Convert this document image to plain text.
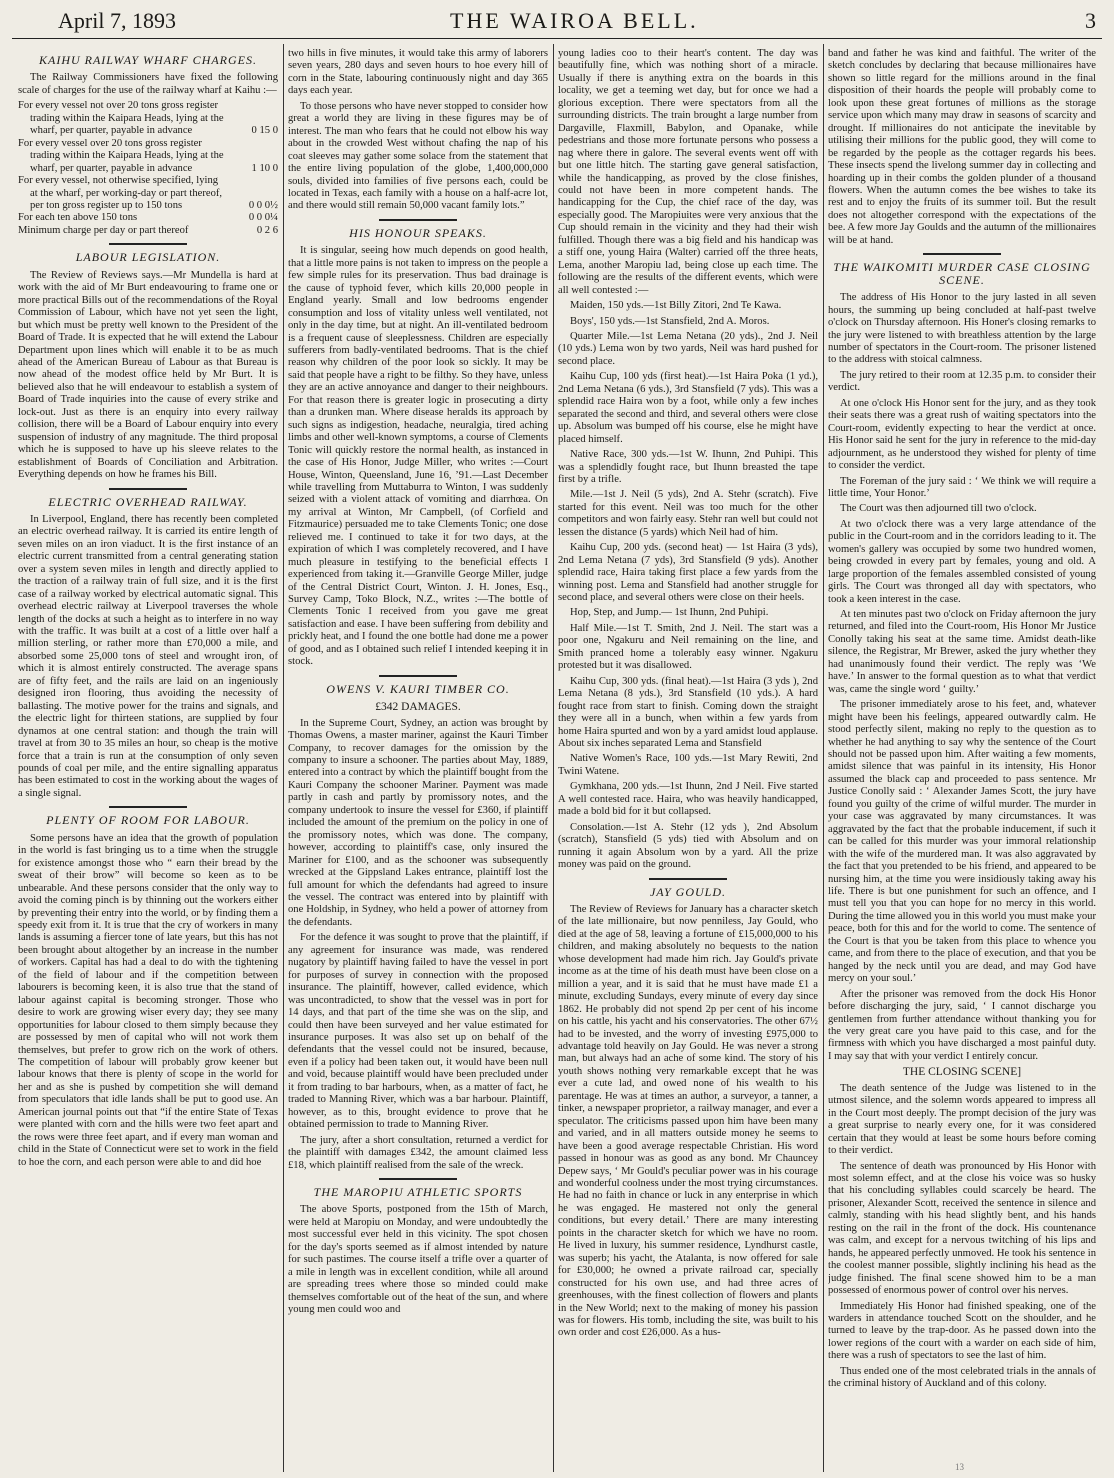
April 7, 1893	THE WAIROA BELL.	3
KAIHU RAILWAY WHARF CHARGES.

The Railway Commissioners have fixed the following scale of charges for the use of the railway wharf at Kaihu :—

For every vessel not over 20 tons gross register trading within the Kaipara Heads, lying at the wharf, per quarter, payable in advance	0 15 0
For every vessel over 20 tons gross register trading within the Kaipara Heads, lying at the wharf, per quarter, payable in advance	1 10 0
For every vessel, not otherwise specified, lying at the wharf, per working-day or part thereof, per ton gross register up to 150 tons	0 0 0½
For each ten above 150 tons	0 0 0¼
Minimum charge per day or part thereof	0 2 6
LABOUR LEGISLATION.

The Review of Reviews says.—Mr Mundella is hard at work with the aid of Mr Burt endeavouring to frame one or more practical Bills out of the recommendations of the Royal Commission of Labour, which have not yet seen the light, but which must be pretty well known to the President of the Board of Trade. It is expected that he will extend the Labour Department upon lines which will enable it to be as much ahead of the American Bureau of Labour as that Bureau is now ahead of the modest office held by Mr Burt. It is believed also that he will endeavour to establish a system of Board of Trade inquiries into the cause of every strike and lock-out. Just as there is an enquiry into every railway collision, there will be a Board of Labour enquiry into every suspension of industry of any magnitude. The third proposal which he is supposed to have up his sleeve relates to the establishment of Boards of Conciliation and Arbitration. Everything depends on how he frames his Bill.

ELECTRIC OVERHEAD RAILWAY.

In Liverpool, England, there has recently been completed an electric overhead railway. It is carried its entire length of seven miles on an iron viaduct. It is the first instance of an electric current transmitted from a central generating station over a system seven miles in length and directly applied to the traction of a railway train of full size, and it is the first case of a railway worked by electrical automatic signal. This overhead electric railway at Liverpool traverses the whole length of the docks at such a height as to interfere in no way with the traffic. It was built at a cost of a little over half a million sterling, or rather more than £70,000 a mile, and absorbed some 25,000 tons of steel and wrought iron, of which it is almost entirely constructed. The average spans are of fifty feet, and the rails are laid on an ingeniously designed iron flooring, thus avoiding the necessity of ballasting. The motive power for the trains and signals, and the electric light for thirteen stations, are supplied by four dynamos at one central station: and though the train will travel at from 30 to 35 miles an hour, so cheap is the motive force that a train is run at the consumption of only seven pounds of coal per mile, and the entire signalling apparatus has been estimated to cost in the working about the wages of a single signal.

PLENTY OF ROOM FOR LABOUR.

Some persons have an idea that the growth of population in the world is fast bringing us to a time when the struggle for existence amongst those who “ earn their bread by the sweat of their brow” will become so keen as to be unbearable. And these persons consider that the only way to avoid the coming pinch is by thinning out the workers either by preventing their entry into the world, or by finding them a speedy exit from it. It is true that the cry of workers in many lands is assuming a fiercer tone of late years, but this has not been brought about altogether by an increase in the number of workers. Capital has had a deal to do with the tightening of the field of labour and if the competition between labourers is becoming keen, it is also true that the stand of labour against capital is becoming stronger. Those who desire to work are growing wiser every day; they see many opportunities for labour closed to them simply because they are possessed by men of capital who will not work them themselves, but prefer to grow rich on the work of others. The competition of labour will probably grow keener but labour knows that there is plenty of scope in the world for her and as she is pushed by competition she will demand from speculators that idle lands shall be put to good use. An American journal points out that “if the entire State of Texas were planted with corn and the hills were two feet apart and the rows were three feet apart, and if every man woman and child in the State of Connecticut were set to work in the field to hoe the corn, and each person were able to and did hoe

two hills in five minutes, it would take this army of laborers seven years, 280 days and seven hours to hoe every hill of corn in the State, labouring continuously night and day 365 days each year.

To those persons who have never stopped to consider how great a world they are living in these figures may be of interest. The man who fears that he could not elbow his way about in the crowded West without chafing the nap of his coat sleeves may gather some solace from the statement that the entire living population of the globe, 1,400,000,000 souls, divided into families of five persons each, could be located in Texas, each family with a house on a half-acre lot, and there would still remain 50,000 vacant family lots.”

HIS HONOUR SPEAKS.

It is singular, seeing how much depends on good health, that a little more pains is not taken to impress on the people a few simple rules for its preservation. Thus bad drainage is the cause of typhoid fever, which kills 20,000 people in England yearly. Small and low bedrooms engender consumption and loss of vitality unless well ventilated, not only in the day time, but at night. An ill-ventilated bedroom is a frequent cause of sleeplessness. Children are especially sufferers from badly-ventilated bedrooms. That is the chief reason why children of the poor look so sickly. It may be said that people have a right to be filthy. So they have, unless they are an active annoyance and danger to their neighbours. For that reason there is greater logic in prosecuting a dirty than a drunken man. Where disease heralds its approach by such signs as indigestion, headache, neuralgia, tired aching limbs and other well-known symptoms, a course of Clements Tonic will quickly restore the normal health, as instanced in the case of His Honor, Judge Miller, who writes :—Court House, Winton, Queensland, June 16, ’91.—Last December while travelling from Muttaburra to Winton, I was suddenly seized with a violent attack of vomiting and diarrhœa. On my arrival at Winton, Mr Campbell, (of Corfield and Fitzmaurice) persuaded me to take Clements Tonic; one dose relieved me. I continued to take it for two days, at the expiration of which I was completely recovered, and I have much pleasure in testifying to the beneficial effects I experienced from taking it.—Granville George Miller, judge of the Central District Court, Winton. J. H. Jones, Esq., Survey Camp, Toko Block, N.Z., writes :—The bottle of Clements Tonic I received from you gave me great satisfaction and ease. I have been suffering from debility and prickly heat, and I found the one bottle had done me a power of good, and as I obtained such relief I intended keeping it in stock.

OWENS V. KAURI TIMBER CO.
£342 DAMAGES.

In the Supreme Court, Sydney, an action was brought by Thomas Owens, a master mariner, against the Kauri Timber Company, to recover damages for the omission by the company to insure a schooner. The parties about May, 1889, entered into a contract by which the plaintiff bought from the Kauri Company the schooner Mariner. Payment was made partly in cash and partly by promissory notes, and the company undertook to insure the vessel for £360, if plaintiff included the amount of the premium on the policy in one of the promissory notes, which was done. The company, however, according to plaintiff's case, only insured the Mariner for £100, and as the schooner was subsequently wrecked at the Gippsland Lakes entrance, plaintiff lost the full amount for which the defendants had agreed to insure the vessel. The contract was entered into by plaintiff with one Holdship, in Sydney, who held a power of attorney from the defendants.

For the defence it was sought to prove that the plaintiff, if any agreement for insurance was made, was rendered nugatory by plaintiff having failed to have the vessel in port for purposes of survey in connection with the proposed insurance. The plaintiff, however, called evidence, which was uncontradicted, to show that the vessel was in port for 14 days, and that part of the time she was on the slip, and could then have been surveyed and her value estimated for insurance purposes. It was also set up on behalf of the defendants that the vessel could not be insured, because, even if a policy had been taken out, it would have been null and void, because plaintiff would have been precluded under it from trading to bar harbours, when, as a matter of fact, he traded to Manning River, which was a bar harbour. Plaintiff, however, as to this, brought evidence to prove that he obtained permission to trade to Manning River.

The jury, after a short consultation, returned a verdict for the plaintiff with damages £342, the amount claimed less £18, which plaintiff realised from the sale of the wreck.

THE MAROPIU ATHLETIC SPORTS

The above Sports, postponed from the 15th of March, were held at Maropiu on Monday, and were undoubtedly the most successful ever held in this vicinity. The spot chosen for the day's sports seemed as if almost intended by nature for such pastimes. The course itself a trifle over a quarter of a mile in length was in excellent condition, while all around are spreading trees where those so minded could make themselves comfortable out of the heat of the sun, and where young men could woo and

young ladies coo to their heart's content. The day was beautifully fine, which was nothing short of a miracle. Usually if there is anything extra on the boards in this locality, we get a teeming wet day, but for once we had a glorious exception. There were spectators from all the surrounding districts. The train brought a large number from Dargaville, Flaxmill, Babylon, and Opanake, while pedestrians and those more fortunate persons who possess a nag where there in galore. The several events went off with but one little hitch. The starting gave general satisfaction, while the handicapping, as proved by the close finishes, could not have been in more competent hands. The handicapping for the Cup, the chief race of the day, was especially good. The Maropiuites were very anxious that the Cup should remain in the vicinity and they had their wish fulfilled. Though there was a big field and his handicap was a stiff one, young Haira (Walter) carried off the three heats, Lema, another Maropiu lad, being close up each time. The following are the results of the different events, which were all well contested :—

Maiden, 150 yds.—1st Billy Zitori, 2nd Te Kawa.

Boys', 150 yds.—1st Stansfield, 2nd A. Moros.

Quarter Mile.—1st Lema Netana (20 yds)., 2nd J. Neil (10 yds.) Lema won by two yards, Neil was hard pushed for second place.

Kaihu Cup, 100 yds (first heat).—1st Haira Poka (1 yd.), 2nd Lema Netana (6 yds.), 3rd Stansfield (7 yds). This was a splendid race Haira won by a foot, while only a few inches separated the second and third, and several others were close up. Absolum was bumped off his course, else he might have placed himself.

Native Race, 300 yds.—1st W. Ihunn, 2nd Puhipi. This was a splendidly fought race, but Ihunn breasted the tape first by a trifle.

Mile.—1st J. Neil (5 yds), 2nd A. Stehr (scratch). Five started for this event. Neil was too much for the other competitors and won fairly easy. Stehr ran well but could not lessen the distance (5 yards) which Neil had of him.

Kaihu Cup, 200 yds. (second heat) — 1st Haira (3 yds), 2nd Lema Netana (7 yds), 3rd Stansfield (9 yds). Another splendid race, Haira taking first place a few yards from the winning post. Lema and Stansfield had another struggle for second place, and several others were close on their heels.

Hop, Step, and Jump.— 1st Ihunn, 2nd Puhipi.

Half Mile.—1st T. Smith, 2nd J. Neil. The start was a poor one, Ngakuru and Neil remaining on the line, and Smith pranced home a tolerably easy winner. Ngakuru protested but it was disallowed.

Kaihu Cup, 300 yds. (final heat).—1st Haira (3 yds ), 2nd Lema Netana (8 yds.), 3rd Stansfield (10 yds.). A hard fought race from start to finish. Coming down the straight they were all in a bunch, when within a few yards from home Haira spurted and won by a yard amidst loud applause. About six inches separated Lema and Stansfield

Native Women's Race, 100 yds.—1st Mary Rewiti, 2nd Twini Watene.

Gymkhana, 200 yds.—1st Ihunn, 2nd J Neil. Five started A well contested race. Haira, who was heavily handicapped, made a bold bid for it but collapsed.

Consolation.—1st A. Stehr (12 yds ), 2nd Absolum (scratch), Stansfield (5 yds) tied with Absolum and on running it again Absolum won by a yard. All the prize money was paid on the ground.

JAY GOULD.

The Review of Reviews for January has a character sketch of the late millionaire, but now penniless, Jay Gould, who died at the age of 58, leaving a fortune of £15,000,000 to his children, and making absolutely no bequests to the nation whose development had made him rich. Jay Gould's private income as at the time of his death must have been close on a million a year, and it is said that he must have made £1 a minute, excluding Sundays, every minute of every day since 1862. He probably did not spend 2p per cent of his income on his cattle, his yacht and his conservatories. The other 67½ had to be invested, and the worry of investing £975,000 to advantage told heavily on Jay Gould. He was never a strong man, but always had an ache of some kind. The story of his youth shows nothing very remarkable except that he was ever a cute lad, and owed none of his wealth to his parentage. He was at times an author, a surveyor, a tanner, a tinker, a newspaper proprietor, a railway manager, and ever a speculator. The criticisms passed upon him have been many and varied, and in all matters outside money he seems to have been a good average respectable Christian. His word passed in honour was as good as any bond. Mr Chauncey Depew says, ‘ Mr Gould's peculiar power was in his courage and wonderful coolness under the most trying circumstances. He had no faith in chance or luck in any enterprise in which he was engaged. He mastered not only the general conditions, but every detail.’ There are many interesting points in the character sketch for which we have no room. He lived in luxury, his summer residence, Lyndhurst castle, was superb; his yacht, the Atalanta, is now offered for sale for £30,000; he owned a private railroad car, specially constructed for his own use, and had three acres of greenhouses, with the finest collection of flowers and plants in the New World; next to the making of money his passion was for flowers. His tomb, including the site, was built to his own order and cost £26,000. As a hus-

band and father he was kind and faithful. The writer of the sketch concludes by declaring that because millionaires have shown so little regard for the millions around in the final disposition of their hoards the people will probably come to look upon these great fortunes of millions as the storage service upon which many may draw in seasons of scarcity and drought. If millionaires do not anticipate the inevitable by utilising their millions for the public good, they will come to be regarded by the people as the cottager regards his bees. These insects spend the livelong summer day in collecting and hoarding up in their combs the golden plunder of a thousand flowers. When the autumn comes the bee wishes to take its rest and to enjoy the fruits of its summer toil. But the result does not altogether correspond with the expectations of the bee. A few more Jay Goulds and the autumn of the millionaires will be at hand.

THE WAIKOMITI MURDER CASE CLOSING SCENE.

The address of His Honor to the jury lasted in all seven hours, the summing up being concluded at half-past twelve o'clock on Thursday afternoon. His Honer's closing remarks to the jury were listened to with breathless attention by the large number of spectators in the Court-room. The prisoner listened to the address with stoical calmness.

The jury retired to their room at 12.35 p.m. to consider their verdict.

At one o'clock His Honor sent for the jury, and as they took their seats there was a great rush of waiting spectators into the Court-room, evidently expecting to hear the verdict at once. His Honor said he sent for the jury in reference to the mid-day adjournment, as he understood they wished for plenty of time to consider the verdict.

The Foreman of the jury said : ‘ We think we will require a little time, Your Honor.’

The Court was then adjourned till two o'clock.

At two o'clock there was a very large attendance of the public in the Court-room and in the corridors leading to it. The women's gallery was occupied by some two hundred women, being crowded in every part by females, young and old. A large proportion of the females assembled consisted of young girls. The Court was thronged all day with spectators, who took a keen interest in the case.

At ten minutes past two o'clock on Friday afternoon the jury returned, and filed into the Court-room, His Honor Mr Justice Conolly taking his seat at the same time. Amidst death-like silence, the Registrar, Mr Brewer, asked the jury whether they had unanimously found their verdict. The reply was ‘We have.’ In answer to the formal question as to what that verdict was, came the single word ‘ guilty.’

The prisoner immediately arose to his feet, and, whatever might have been his feelings, appeared outwardly calm. He stood perfectly silent, making no reply to the question as to whether he had anything to say why the sentence of the Court should not be passed upon him. After waiting a few moments, amidst silence that was painful in its intensity, His Honor assumed the black cap and proceeded to pass sentence. Mr Justice Conolly said : ‘ Alexander James Scott, the jury have found you guilty of the crime of wilful murder. The murder in your case was aggravated by many circumstances. It was aggravated by the fact that the probable inducement, if such it can be called for this murder was your immoral relationship with the wife of the murdered man. It was also aggravated by the fact that you pretended to be his friend, and appeared to be nursing him, at the time you were insidiously taking away his life. There is but one punishment for such an offence, and I must tell you that you can hope for no mercy in this world. During the time allowed you in this world you must make your peace, both for this and for the world to come. The sentence of the Court is that you be taken from this place to whence you came, and from there to the place of execution, and that you be hanged by the neck until you are dead, and may God have mercy on your soul.’

After the prisoner was removed from the dock His Honor before discharging the jury, said, ‘ I cannot discharge you gentlemen from further attendance without thanking you for the very great care you have paid to this case, and for the firmness with which you have discharged a most painful duty. I may say that with your verdict I entirely concur.

THE CLOSING SCENE]

The death sentence of the Judge was listened to in the utmost silence, and the solemn words appeared to impress all in the Court most deeply. The prompt decision of the jury was a great surprise to nearly every one, for it was considered certain that they would at least be some hours before coming to their verdict.

The sentence of death was pronounced by His Honor with most solemn effect, and at the close his voice was so husky that his concluding syllables could scarcely be heard. The prisoner, Alexander Scott, received the sentence in silence and calmly, standing with his head slightly bent, and his hands resting on the rail in the front of the dock. His countenance was calm, and except for a nervous twitching of his lips and hands, he appeared perfectly unmoved. He took his sentence in the coolest manner possible, slightly inclining his head as the judge finished. The final scene showed him to be a man possessed of enormous power of control over his nerves.

Immediately His Honor had finished speaking, one of the warders in attendance touched Scott on the shoulder, and he turned to leave by the trap-door. As he passed down into the lower regions of the court with a warder on each side of him, there was a rush of spectators to see the last of him.

Thus ended one of the most celebrated trials in the annals of the criminal history of Auckland and of this colony.

13
